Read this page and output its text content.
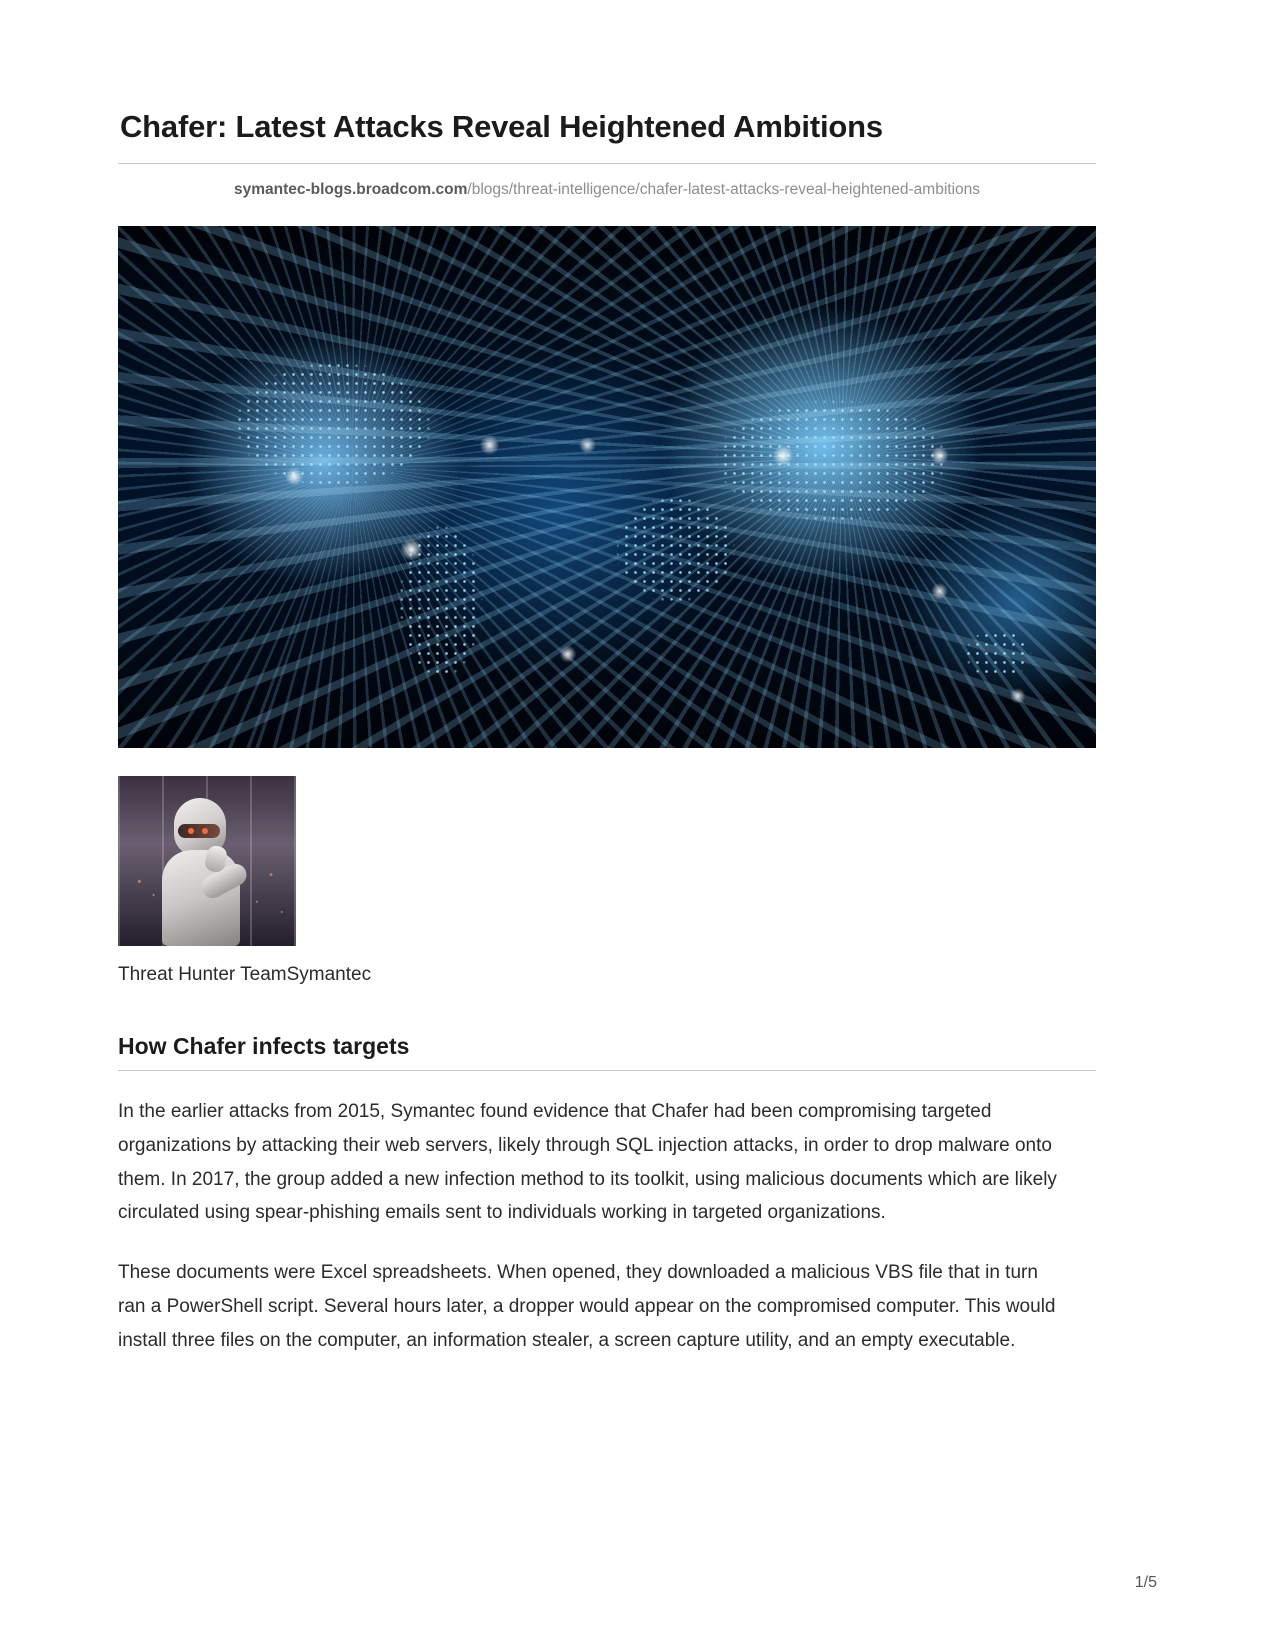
Chafer: Latest Attacks Reveal Heightened Ambitions
symantec-blogs.broadcom.com/blogs/threat-intelligence/chafer-latest-attacks-reveal-heightened-ambitions
Threat Hunter TeamSymantec
How Chafer infects targets

In the earlier attacks from 2015, Symantec found evidence that Chafer had been compromising targeted organizations by attacking their web servers, likely through SQL injection attacks, in order to drop malware onto them. In 2017, the group added a new infection method to its toolkit, using malicious documents which are likely circulated using spear-phishing emails sent to individuals working in targeted organizations.

These documents were Excel spreadsheets. When opened, they downloaded a malicious VBS file that in turn ran a PowerShell script. Several hours later, a dropper would appear on the compromised computer. This would install three files on the computer, an information stealer, a screen capture utility, and an empty executable.

1/5
